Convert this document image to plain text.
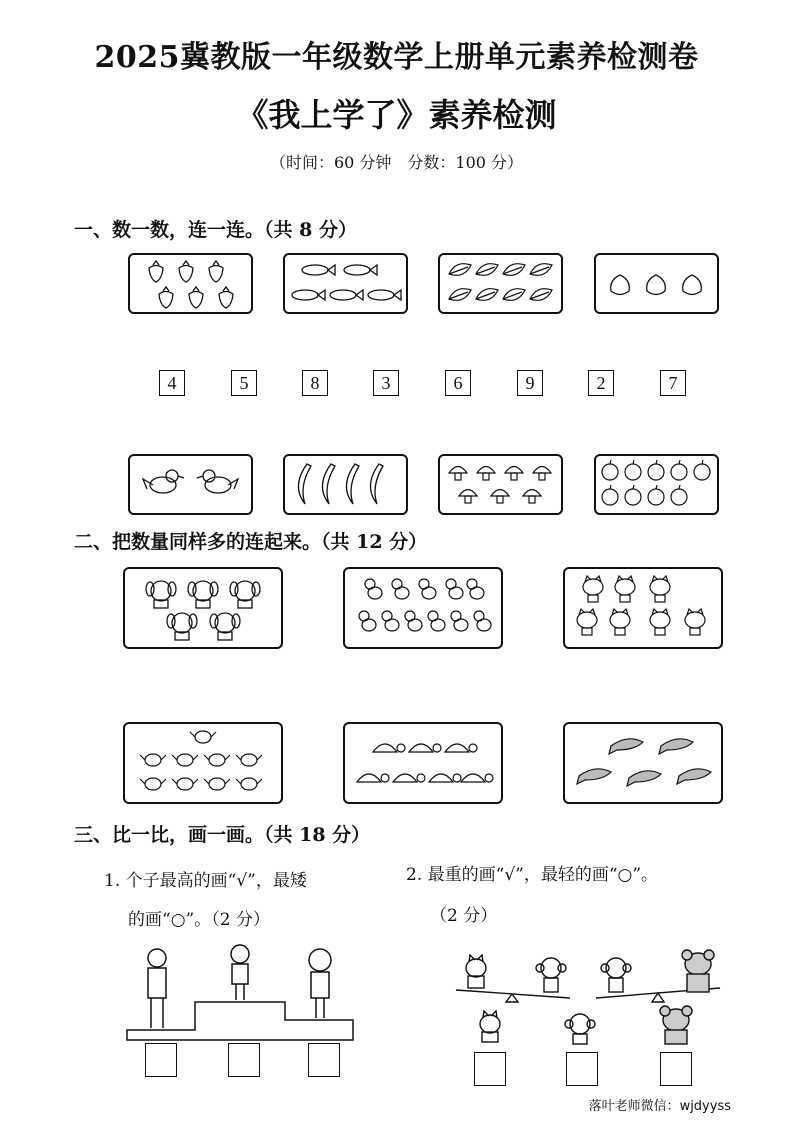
2025冀教版一年级数学上册单元素养检测卷
《我上学了》素养检测
（时间：60 分钟　分数：100 分）
一、数一数，连一连。（共 8 分）
4	5	8	3	6	9	2	7
二、把数量同样多的连起来。（共 12 分）
三、比一比，画一画。（共 18 分）
1. 个子最高的画“√”，最矮
的画“○”。（2 分）
2. 最重的画“√”，最轻的画“○”。
（2 分）
落叶老师微信：wjdyyss
